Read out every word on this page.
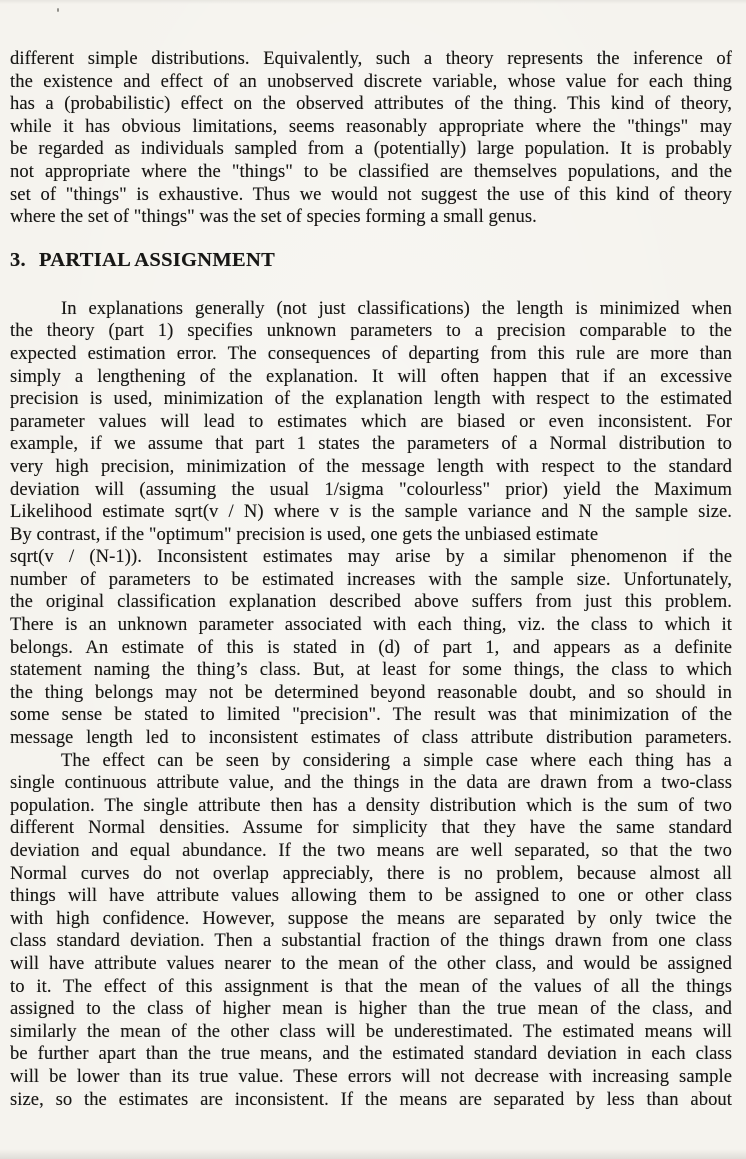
different simple distributions. Equivalently, such a theory represents the inference of
the existence and effect of an unobserved discrete variable, whose value for each thing
has a (probabilistic) effect on the observed attributes of the thing. This kind of theory,
while it has obvious limitations, seems reasonably appropriate where the "things" may
be regarded as individuals sampled from a (potentially) large population. It is probably
not appropriate where the "things" to be classified are themselves populations, and the
set of "things" is exhaustive. Thus we would not suggest the use of this kind of theory
where the set of "things" was the set of species forming a small genus.
3. PARTIAL ASSIGNMENT
In explanations generally (not just classifications) the length is minimized when
the theory (part 1) specifies unknown parameters to a precision comparable to the
expected estimation error. The consequences of departing from this rule are more than
simply a lengthening of the explanation. It will often happen that if an excessive
precision is used, minimization of the explanation length with respect to the estimated
parameter values will lead to estimates which are biased or even inconsistent. For
example, if we assume that part 1 states the parameters of a Normal distribution to
very high precision, minimization of the message length with respect to the standard
deviation will (assuming the usual 1/sigma "colourless" prior) yield the Maximum
Likelihood estimate sqrt(v / N) where v is the sample variance and N the sample size.
By contrast, if the "optimum" precision is used, one gets the unbiased estimate
sqrt(v / (N-1)). Inconsistent estimates may arise by a similar phenomenon if the
number of parameters to be estimated increases with the sample size. Unfortunately,
the original classification explanation described above suffers from just this problem.
There is an unknown parameter associated with each thing, viz. the class to which it
belongs. An estimate of this is stated in (d) of part 1, and appears as a definite
statement naming the thing’s class. But, at least for some things, the class to which
the thing belongs may not be determined beyond reasonable doubt, and so should in
some sense be stated to limited "precision". The result was that minimization of the
message length led to inconsistent estimates of class attribute distribution parameters.
The effect can be seen by considering a simple case where each thing has a
single continuous attribute value, and the things in the data are drawn from a two-class
population. The single attribute then has a density distribution which is the sum of two
different Normal densities. Assume for simplicity that they have the same standard
deviation and equal abundance. If the two means are well separated, so that the two
Normal curves do not overlap appreciably, there is no problem, because almost all
things will have attribute values allowing them to be assigned to one or other class
with high confidence. However, suppose the means are separated by only twice the
class standard deviation. Then a substantial fraction of the things drawn from one class
will have attribute values nearer to the mean of the other class, and would be assigned
to it. The effect of this assignment is that the mean of the values of all the things
assigned to the class of higher mean is higher than the true mean of the class, and
similarly the mean of the other class will be underestimated. The estimated means will
be further apart than the true means, and the estimated standard deviation in each class
will be lower than its true value. These errors will not decrease with increasing sample
size, so the estimates are inconsistent. If the means are separated by less than about
